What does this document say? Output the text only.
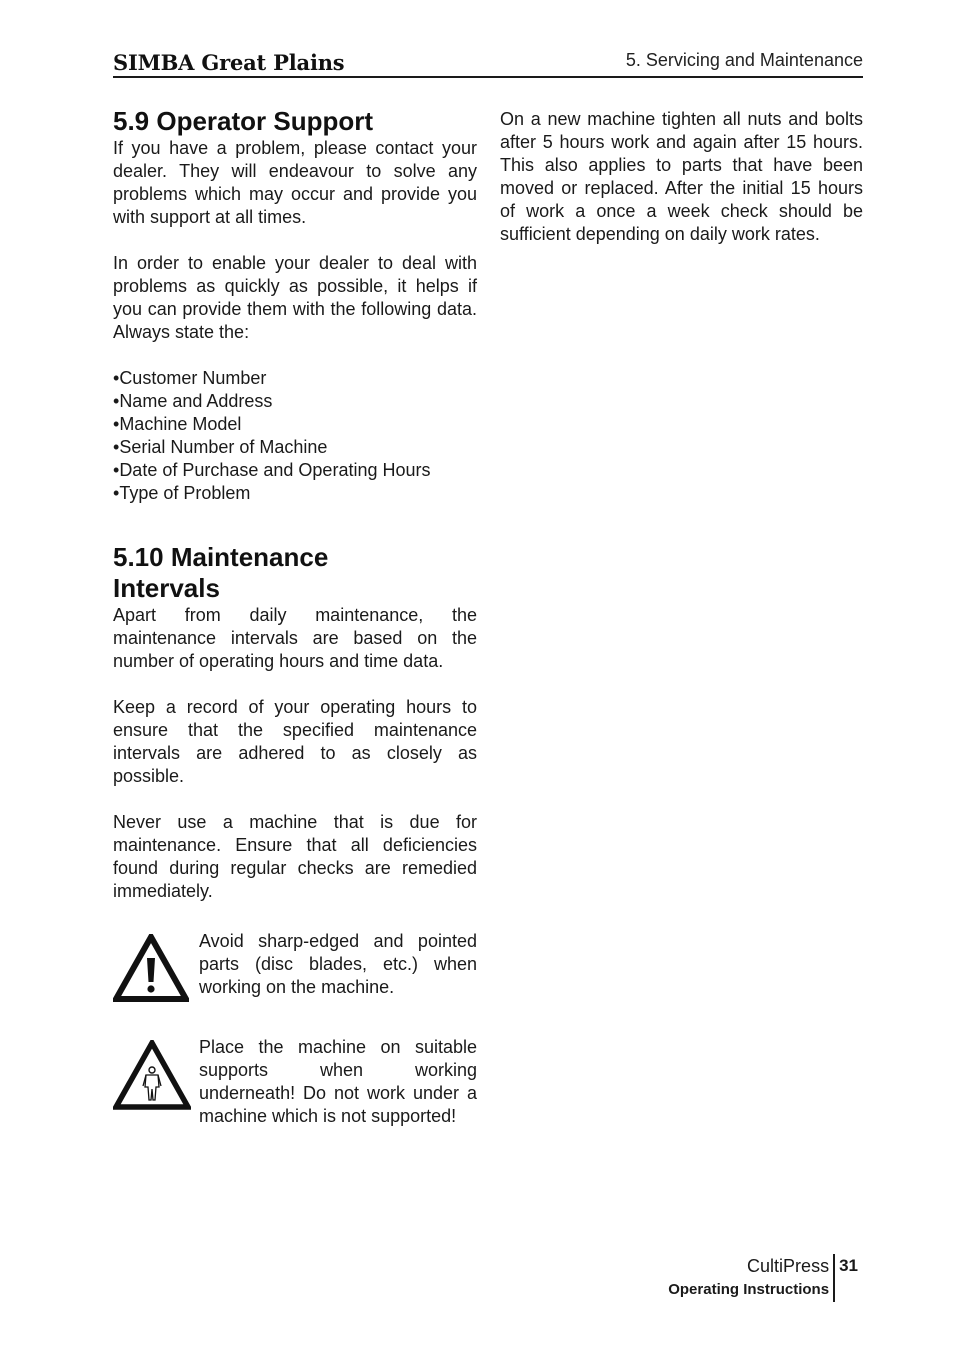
SIMBA Great Plains	5. Servicing and Maintenance
5.9 Operator Support

If you have a problem, please contact your dealer. They will endeavour to solve any problems which may occur and provide you with support at all times.

In order to enable your dealer to deal with problems as quickly as possible, it helps if you can provide them with the following data. Always state the:

• Customer Number
• Name and Address
• Machine Model
• Serial Number of Machine
• Date of Purchase and Operating Hours
• Type of Problem
5.10 Maintenance
Intervals

Apart from daily maintenance, the maintenance intervals are based on the number of operating hours and time data.

Keep a record of your operating hours to ensure that the specified maintenance intervals are adhered to as closely as possible.

Never use a machine that is due for maintenance. Ensure that all deficiencies found during regular checks are remedied immediately.

Avoid sharp-edged and pointed parts (disc blades, etc.) when working on the machine.

Place the machine on suitable supports when working underneath! Do not work under a machine which is not supported!

On a new machine tighten all nuts and bolts after 5 hours work and again after 15 hours. This also applies to parts that have been moved or replaced. After the initial 15 hours of work a once a week check should be sufficient depending on daily work rates.

CultiPress
Operating Instructions
31
